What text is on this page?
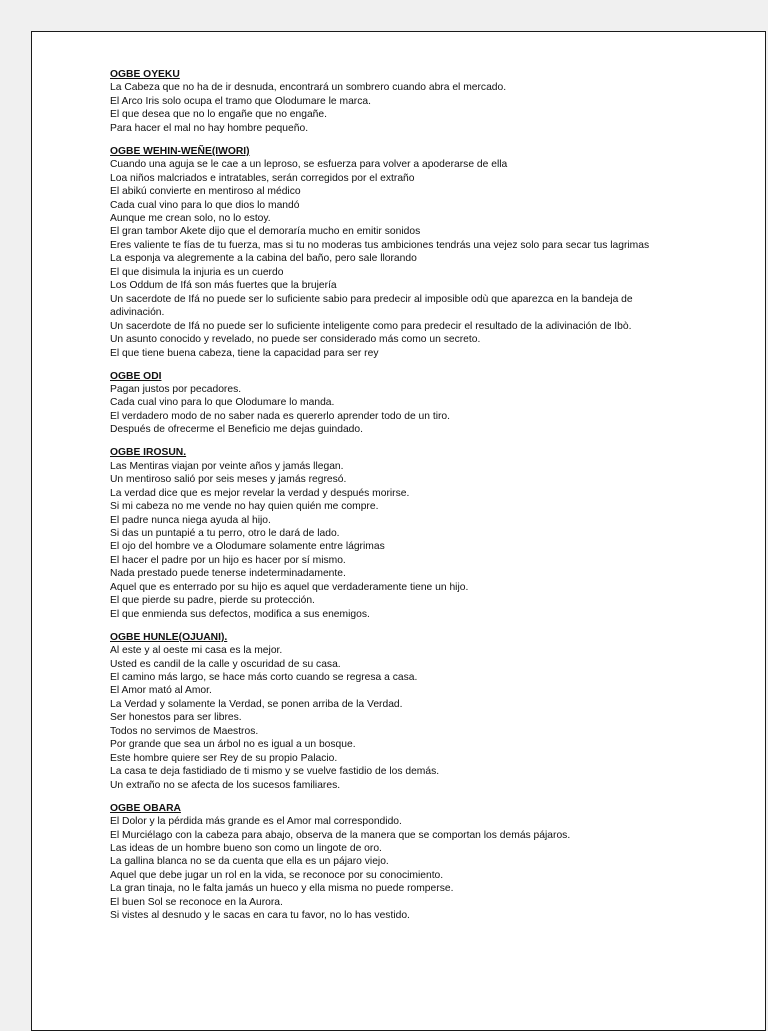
OGBE OYEKU
La Cabeza que no ha de ir desnuda, encontrará un sombrero cuando abra el mercado.
El Arco Iris solo ocupa el tramo que Olodumare le marca.
El que desea que no lo engañe que no engañe.
Para hacer el mal no hay hombre pequeño.
OGBE WEHIN-WEÑE(IWORI)
Cuando una aguja se le cae a un leproso, se esfuerza para volver a apoderarse de ella
Loa niños malcriados e intratables, serán corregidos por el extraño
El abikú convierte en mentiroso al médico
Cada cual vino para lo que dios lo mandó
Aunque me crean solo, no lo estoy.
El gran tambor Akete dijo que el demoraría mucho en emitir sonidos
Eres valiente te fías de tu fuerza, mas si tu no moderas tus ambiciones tendrás una vejez solo para secar tus lagrimas
La esponja va alegremente a la cabina del baño, pero sale llorando
El que disimula la injuria es un cuerdo
Los Oddum de Ifá son más fuertes que la brujería
Un sacerdote de Ifá no puede ser lo suficiente sabio para predecir al imposible odù que aparezca en la bandeja de adivinación.
Un sacerdote de Ifá no puede ser lo suficiente inteligente como para predecir el resultado de la adivinación de Ibò.
Un asunto conocido y revelado, no puede ser considerado más como un secreto.
El que tiene buena cabeza, tiene la capacidad para ser rey
OGBE ODI
Pagan justos por pecadores.
Cada cual vino para lo que Olodumare lo manda.
El verdadero modo de no saber nada es quererlo aprender todo de un tiro.
Después de ofrecerme el Beneficio me dejas guindado.
OGBE IROSUN.
Las Mentiras viajan por veinte años y jamás llegan.
Un mentiroso salió por seis meses y jamás regresó.
La verdad dice que es mejor revelar la verdad y después morirse.
Si mi cabeza no me vende no hay quien quién me compre.
El padre nunca niega ayuda al hijo.
Si das un puntapié a tu perro, otro le dará de lado.
El ojo del hombre ve a Olodumare solamente entre lágrimas
El hacer el padre por un hijo es hacer por sí mismo.
Nada prestado puede tenerse indeterminadamente.
Aquel que es enterrado por su hijo es aquel que verdaderamente tiene un hijo.
El que pierde su padre, pierde su protección.
El que enmienda sus defectos, modifica a sus enemigos.
OGBE HUNLE(OJUANI).
Al este y al oeste mi casa es la mejor.
Usted es candil de la calle y oscuridad de su casa.
El camino más largo, se hace más corto cuando se regresa a casa.
El Amor mató al Amor.
La Verdad y solamente la Verdad, se ponen arriba de la Verdad.
Ser honestos para ser libres.
Todos no servimos de Maestros.
Por grande que sea un árbol no es igual a un bosque.
Este hombre quiere ser Rey de su propio Palacio.
La casa te deja fastidiado de ti mismo y se vuelve fastidio de los demás.
Un extraño no se afecta de los sucesos familiares.
OGBE OBARA
El Dolor y la pérdida más grande es el Amor mal correspondido.
El Murciélago con la cabeza para abajo, observa de la manera que se comportan los demás pájaros.
Las ideas de un hombre bueno son como un lingote de oro.
La gallina blanca no se da cuenta que ella es un pájaro viejo.
Aquel que debe jugar un rol en la vida, se reconoce por su conocimiento.
La gran tinaja, no le falta jamás un hueco y ella misma no puede romperse.
El buen Sol se reconoce en la Aurora.
Si vistes al desnudo y le sacas en cara tu favor, no lo has vestido.
